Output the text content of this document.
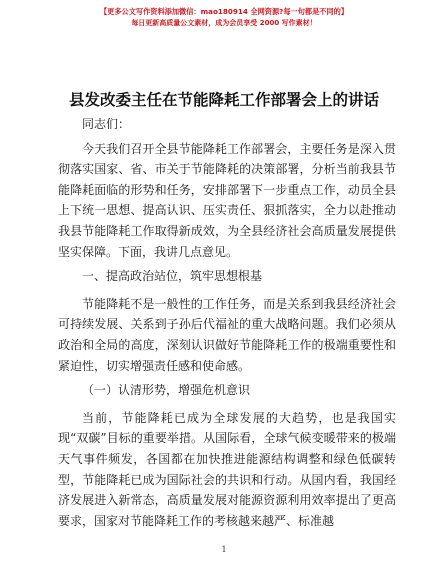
【更多公文写作资料添加微信：mao180914 全网资源?每一句都是不同的】
每日更新高质量公文素材，成为会员享受 2000 写作素材！
县发改委主任在节能降耗工作部署会上的讲话

同志们：

今天我们召开全县节能降耗工作部署会，主要任务是深入贯彻落实国家、省、市关于节能降耗的决策部署，分析当前我县节能降耗面临的形势和任务，安排部署下一步重点工作，动员全县上下统一思想、提高认识、压实责任、狠抓落实，全力以赴推动我县节能降耗工作取得新成效，为全县经济社会高质量发展提供坚实保障。下面，我讲几点意见。

一、提高政治站位，筑牢思想根基

节能降耗不是一般性的工作任务，而是关系到我县经济社会可持续发展、关系到子孙后代福祉的重大战略问题。我们必须从政治和全局的高度，深刻认识做好节能降耗工作的极端重要性和紧迫性，切实增强责任感和使命感。

（一）认清形势，增强危机意识

当前，节能降耗已成为全球发展的大趋势，也是我国实现“双碳”目标的重要举措。从国际看，全球气候变暖带来的极端天气事件频发，各国都在加快推进能源结构调整和绿色低碳转型，节能降耗已成为国际社会的共识和行动。从国内看，我国经济发展进入新常态，高质量发展对能源资源利用效率提出了更高要求，国家对节能降耗工作的考核越来越严、标准越

1
